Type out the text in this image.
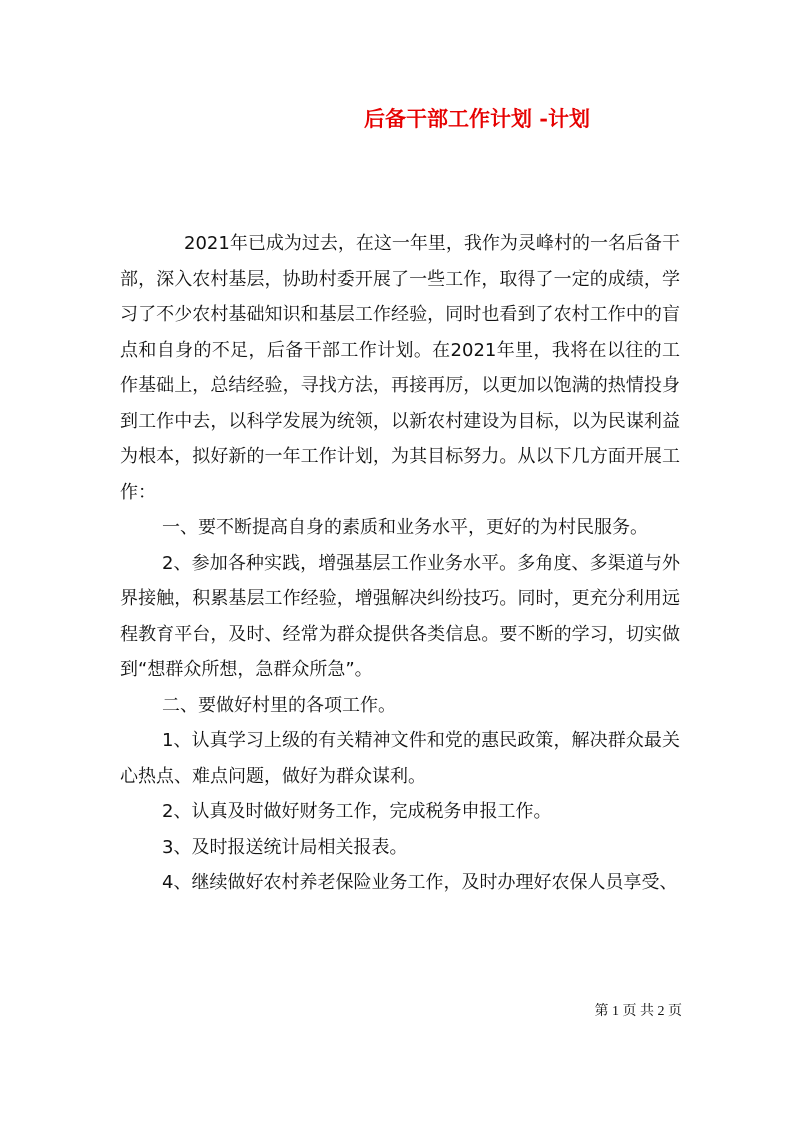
后备干部工作计划 -计划

2021年已成为过去，在这一年里，我作为灵峰村的一名后备干部，深入农村基层，协助村委开展了一些工作，取得了一定的成绩，学习了不少农村基础知识和基层工作经验，同时也看到了农村工作中的盲点和自身的不足，后备干部工作计划。在2021年里，我将在以往的工作基础上，总结经验，寻找方法，再接再厉，以更加以饱满的热情投身到工作中去，以科学发展为统领，以新农村建设为目标，以为民谋利益为根本，拟好新的一年工作计划，为其目标努力。从以下几方面开展工作：

一、要不断提高自身的素质和业务水平，更好的为村民服务。

2、参加各种实践，增强基层工作业务水平。多角度、多渠道与外界接触，积累基层工作经验，增强解决纠纷技巧。同时，更充分利用远程教育平台，及时、经常为群众提供各类信息。要不断的学习，切实做到“想群众所想，急群众所急”。

二、要做好村里的各项工作。

1、认真学习上级的有关精神文件和党的惠民政策，解决群众最关心热点、难点问题，做好为群众谋利。

2、认真及时做好财务工作，完成税务申报工作。

3、及时报送统计局相关报表。

4、继续做好农村养老保险业务工作，及时办理好农保人员享受、

第 1 页 共 2 页
